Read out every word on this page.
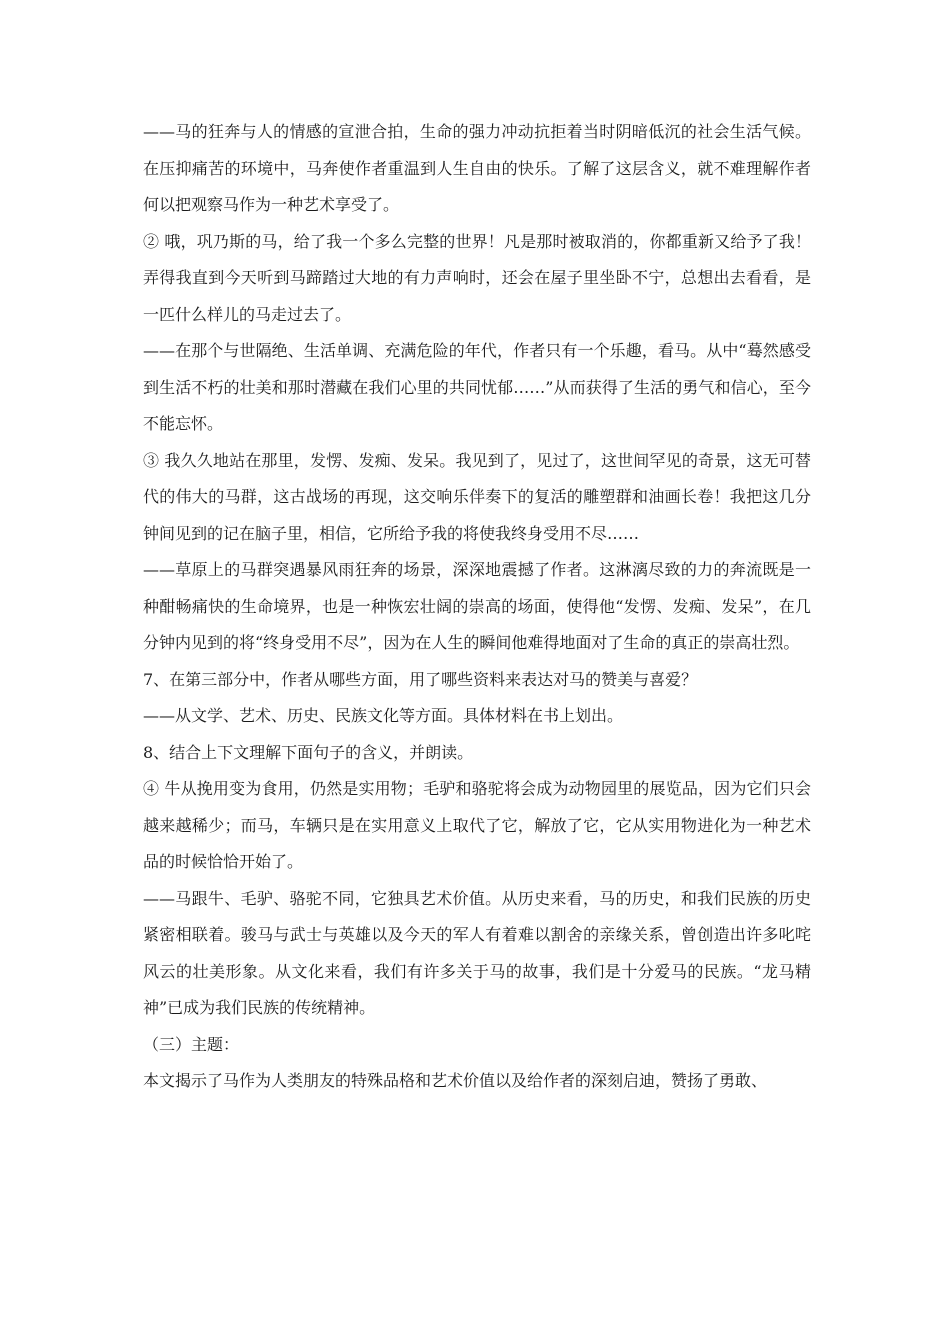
——马的狂奔与人的情感的宣泄合拍，生命的强力冲动抗拒着当时阴暗低沉的社会生活气候。在压抑痛苦的环境中，马奔使作者重温到人生自由的快乐。了解了这层含义，就不难理解作者何以把观察马作为一种艺术享受了。

② 哦，巩乃斯的马，给了我一个多么完整的世界！凡是那时被取消的，你都重新又给予了我！弄得我直到今天听到马蹄踏过大地的有力声响时，还会在屋子里坐卧不宁，总想出去看看，是一匹什么样儿的马走过去了。

——在那个与世隔绝、生活单调、充满危险的年代，作者只有一个乐趣，看马。从中“蓦然感受到生活不朽的壮美和那时潜藏在我们心里的共同忧郁……”从而获得了生活的勇气和信心，至今不能忘怀。

③ 我久久地站在那里，发愣、发痴、发呆。我见到了，见过了，这世间罕见的奇景，这无可替代的伟大的马群，这古战场的再现，这交响乐伴奏下的复活的雕塑群和油画长卷！我把这几分钟间见到的记在脑子里，相信，它所给予我的将使我终身受用不尽……

——草原上的马群突遇暴风雨狂奔的场景，深深地震撼了作者。这淋漓尽致的力的奔流既是一种酣畅痛快的生命境界，也是一种恢宏壮阔的崇高的场面，使得他“发愣、发痴、发呆”，在几分钟内见到的将“终身受用不尽”，因为在人生的瞬间他难得地面对了生命的真正的崇高壮烈。

7、在第三部分中，作者从哪些方面，用了哪些资料来表达对马的赞美与喜爱？

——从文学、艺术、历史、民族文化等方面。具体材料在书上划出。

8、结合上下文理解下面句子的含义，并朗读。

④ 牛从挽用变为食用，仍然是实用物；毛驴和骆驼将会成为动物园里的展览品，因为它们只会越来越稀少；而马，车辆只是在实用意义上取代了它，解放了它，它从实用物进化为一种艺术品的时候恰恰开始了。

——马跟牛、毛驴、骆驼不同，它独具艺术价值。从历史来看，马的历史，和我们民族的历史紧密相联着。骏马与武士与英雄以及今天的军人有着难以割舍的亲缘关系，曾创造出许多叱咤风云的壮美形象。从文化来看，我们有许多关于马的故事，我们是十分爱马的民族。“龙马精神”已成为我们民族的传统精神。

（三）主题：

本文揭示了马作为人类朋友的特殊品格和艺术价值以及给作者的深刻启迪，赞扬了勇敢、
